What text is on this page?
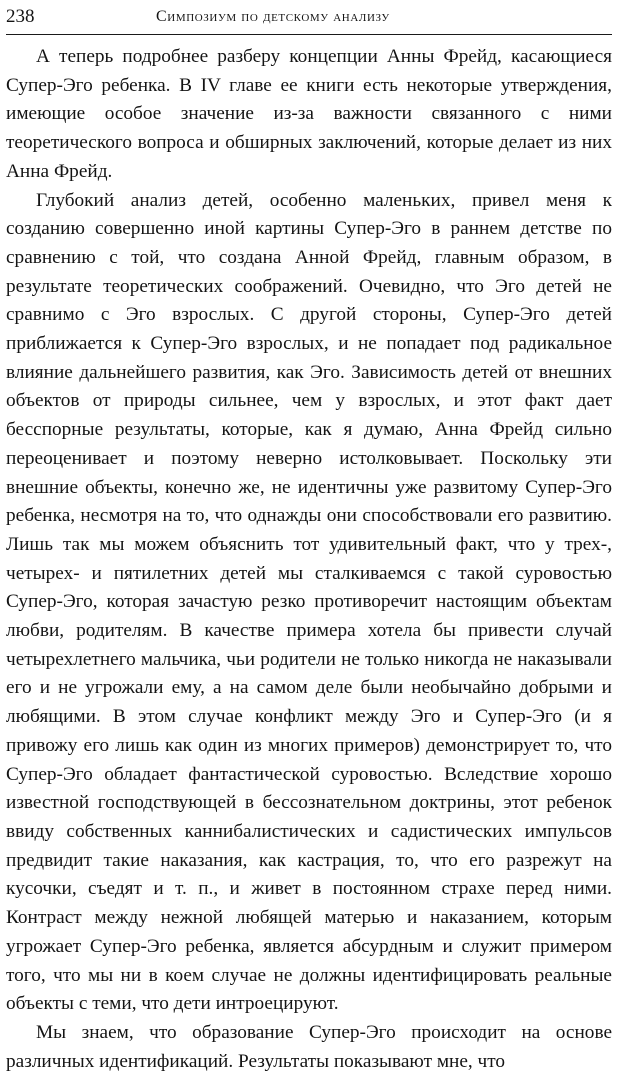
238	Симпозиум по детскому анализу

А теперь подробнее разберу концепции Анны Фрейд, касающиеся Супер-Эго ребенка. В IV главе ее книги есть некоторые утверждения, имеющие особое значение из-за важности связанного с ними теоретического вопроса и обширных заключений, которые делает из них Анна Фрейд.

Глубокий анализ детей, особенно маленьких, привел меня к созданию совершенно иной картины Супер-Эго в раннем детстве по сравнению с той, что создана Анной Фрейд, главным образом, в результате теоретических соображений. Очевидно, что Эго детей не сравнимо с Эго взрослых. С другой стороны, Супер-Эго детей приближается к Супер-Эго взрослых, и не попадает под радикальное влияние дальнейшего развития, как Эго. Зависимость детей от внешних объектов от природы сильнее, чем у взрослых, и этот факт дает бесспорные результаты, которые, как я думаю, Анна Фрейд сильно переоценивает и поэтому неверно истолковывает. Поскольку эти внешние объекты, конечно же, не идентичны уже развитому Супер-Эго ребенка, несмотря на то, что однажды они способствовали его развитию. Лишь так мы можем объяснить тот удивительный факт, что у трех-, четырех- и пятилетних детей мы сталкиваемся с такой суровостью Супер-Эго, которая зачастую резко противоречит настоящим объектам любви, родителям. В качестве примера хотела бы привести случай четырехлетнего мальчика, чьи родители не только никогда не наказывали его и не угрожали ему, а на самом деле были необычайно добрыми и любящими. В этом случае конфликт между Эго и Супер-Эго (и я привожу его лишь как один из многих примеров) демонстрирует то, что Супер-Эго обладает фантастической суровостью. Вследствие хорошо известной господствующей в бессознательном доктрины, этот ребенок ввиду собственных каннибалистических и садистических импульсов предвидит такие наказания, как кастрация, то, что его разрежут на кусочки, съедят и т. п., и живет в постоянном страхе перед ними. Контраст между нежной любящей матерью и наказанием, которым угрожает Супер-Эго ребенка, является абсурдным и служит примером того, что мы ни в коем случае не должны идентифицировать реальные объекты с теми, что дети интроецируют.

Мы знаем, что образование Супер-Эго происходит на основе различных идентификаций. Результаты показывают мне, что
